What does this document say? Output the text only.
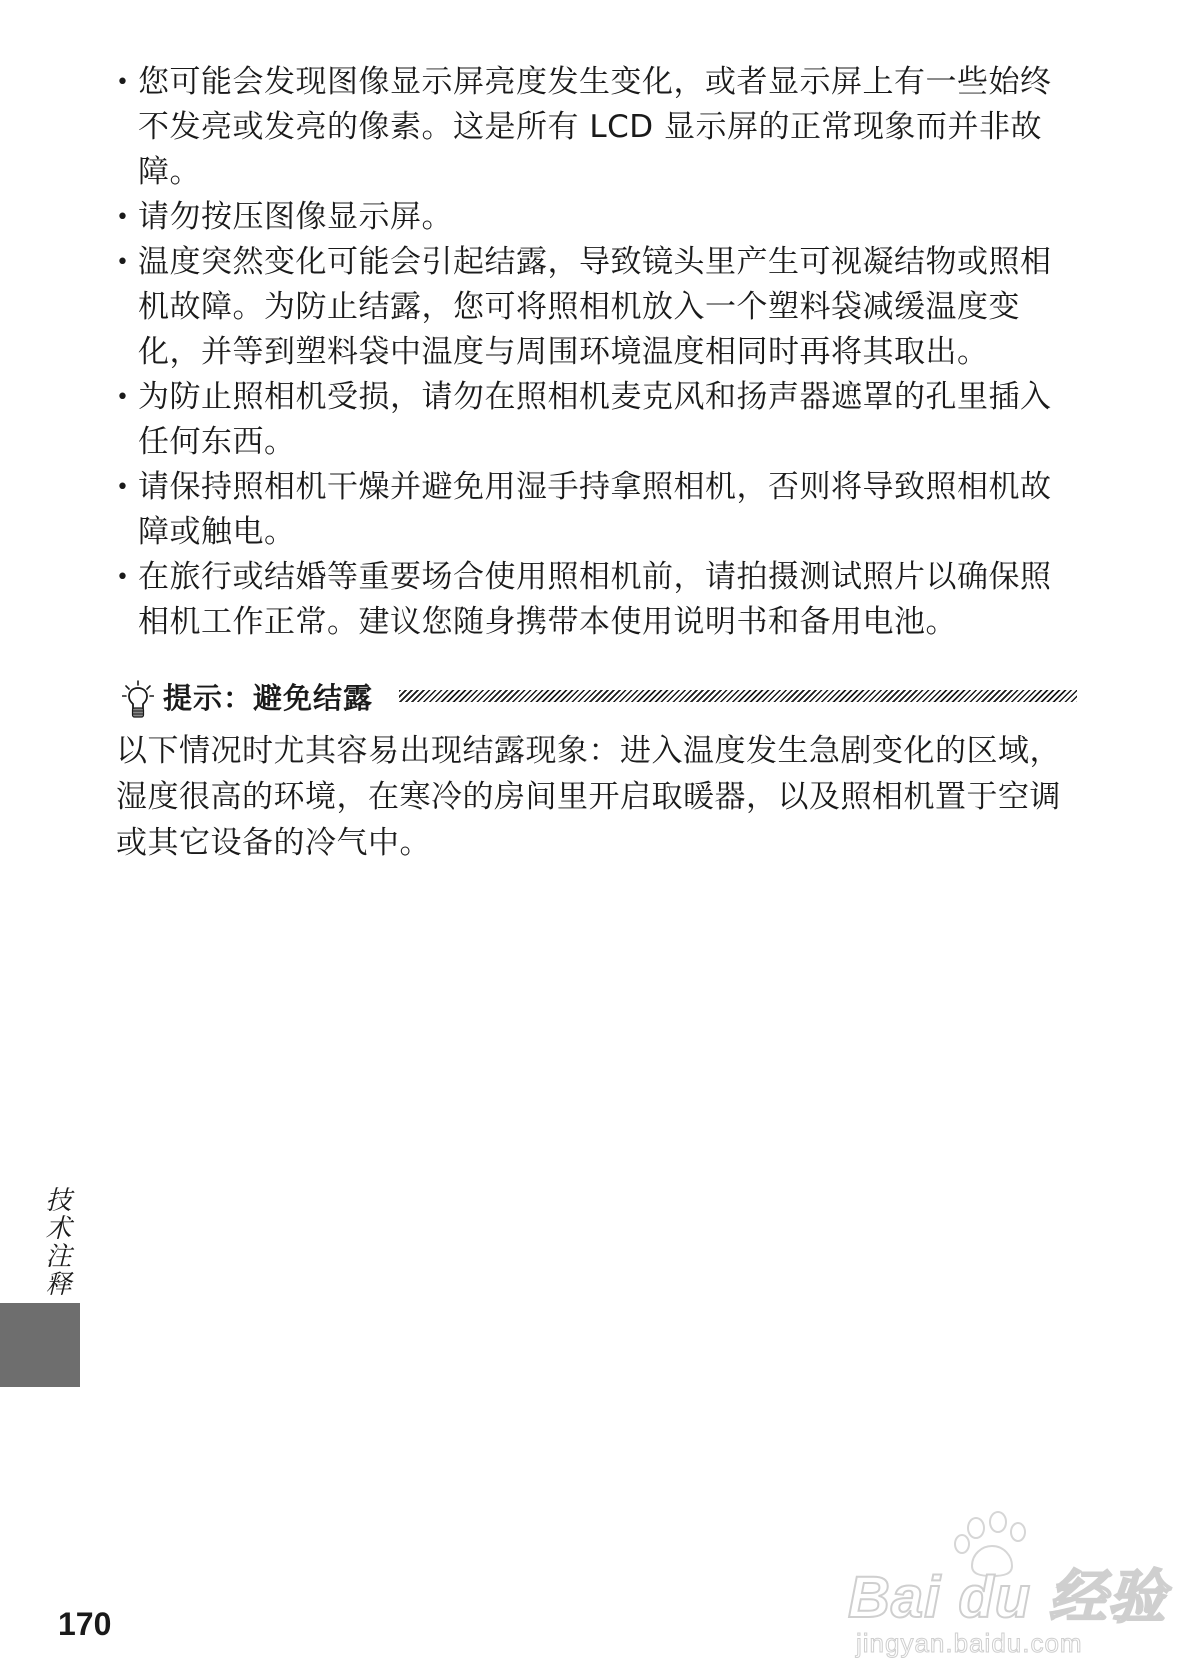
• 您可能会发现图像显示屏亮度发生变化，或者显示屏上有一些始终不发亮或发亮的像素。这是所有 LCD 显示屏的正常现象而并非故障。
• 请勿按压图像显示屏。
• 温度突然变化可能会引起结露，导致镜头里产生可视凝结物或照相机故障。为防止结露，您可将照相机放入一个塑料袋减缓温度变化，并等到塑料袋中温度与周围环境温度相同时再将其取出。
• 为防止照相机受损，请勿在照相机麦克风和扬声器遮罩的孔里插入任何东西。
• 请保持照相机干燥并避免用湿手持拿照相机，否则将导致照相机故障或触电。
• 在旅行或结婚等重要场合使用照相机前，请拍摄测试照片以确保照相机工作正常。建议您随身携带本使用说明书和备用电池。
提示：避免结露

以下情况时尤其容易出现结露现象：进入温度发生急剧变化的区域，湿度很高的环境，在寒冷的房间里开启取暖器，以及照相机置于空调或其它设备的冷气中。

技术注释
170	Bai du 经验
jingyan.baidu.com
